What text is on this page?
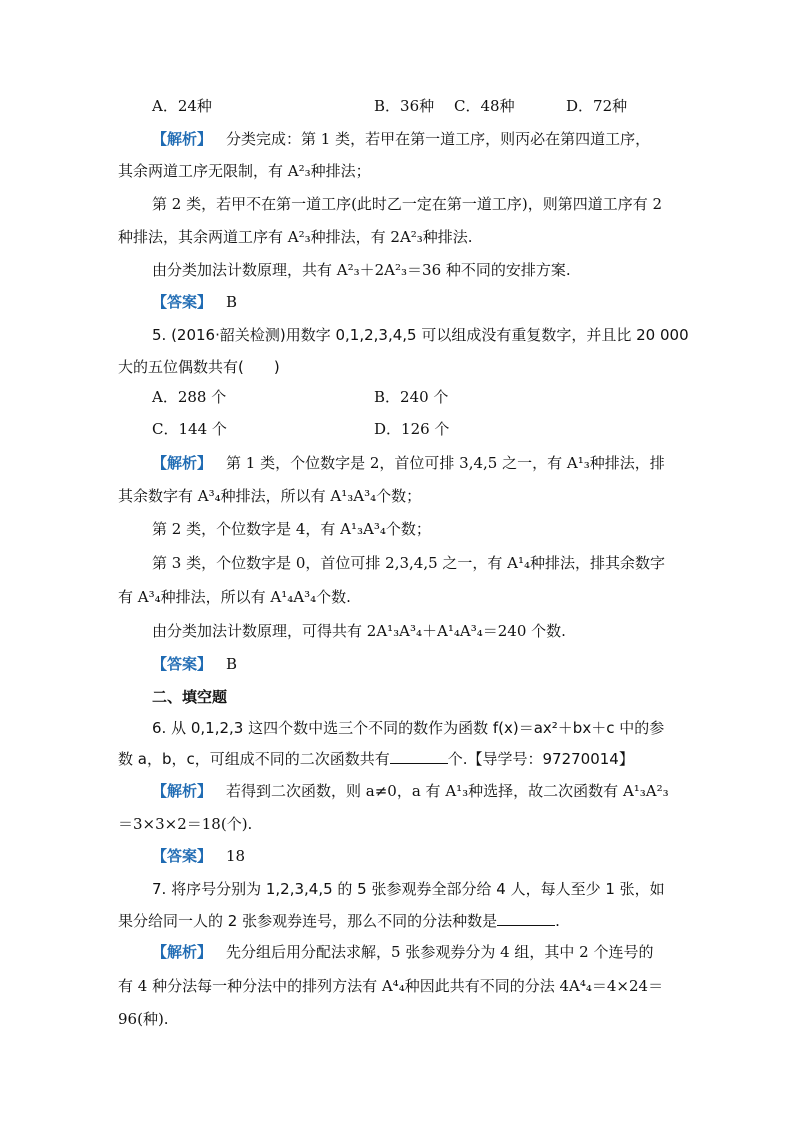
A．24种	B．36种 C．48种	D．72种
【解析】 分类完成：第 1 类，若甲在第一道工序，则丙必在第四道工序，
其余两道工序无限制，有 A²₃种排法；
第 2 类，若甲不在第一道工序(此时乙一定在第一道工序)，则第四道工序有 2
种排法，其余两道工序有 A²₃种排法，有 2A²₃种排法.
由分类加法计数原理，共有 A²₃＋2A²₃＝36 种不同的安排方案.
【答案】 B
5. (2016·韶关检测)用数字 0,1,2,3,4,5 可以组成没有重复数字，并且比 20 000
大的五位偶数共有(　　)
A．288 个	B．240 个
C．144 个	D．126 个
【解析】 第 1 类，个位数字是 2，首位可排 3,4,5 之一，有 A¹₃种排法，排
其余数字有 A³₄种排法，所以有 A¹₃A³₄个数；
第 2 类，个位数字是 4，有 A¹₃A³₄个数；
第 3 类，个位数字是 0，首位可排 2,3,4,5 之一，有 A¹₄种排法，排其余数字
有 A³₄种排法，所以有 A¹₄A³₄个数.
由分类加法计数原理，可得共有 2A¹₃A³₄＋A¹₄A³₄＝240 个数.
【答案】 B
二、填空题
6. 从 0,1,2,3 这四个数中选三个不同的数作为函数 f(x)＝ax²＋bx＋c 中的参
数 a，b，c，可组成不同的二次函数共有	个.【导学号：97270014】
【解析】 若得到二次函数，则 a≠0，a 有 A¹₃种选择，故二次函数有 A¹₃A²₃
＝3×3×2＝18(个).
【答案】 18
7. 将序号分别为 1,2,3,4,5 的 5 张参观券全部分给 4 人，每人至少 1 张，如
果分给同一人的 2 张参观券连号，那么不同的分法种数是	.
【解析】 先分组后用分配法求解，5 张参观券分为 4 组，其中 2 个连号的
有 4 种分法每一种分法中的排列方法有 A⁴₄种因此共有不同的分法 4A⁴₄＝4×24＝
96(种).
